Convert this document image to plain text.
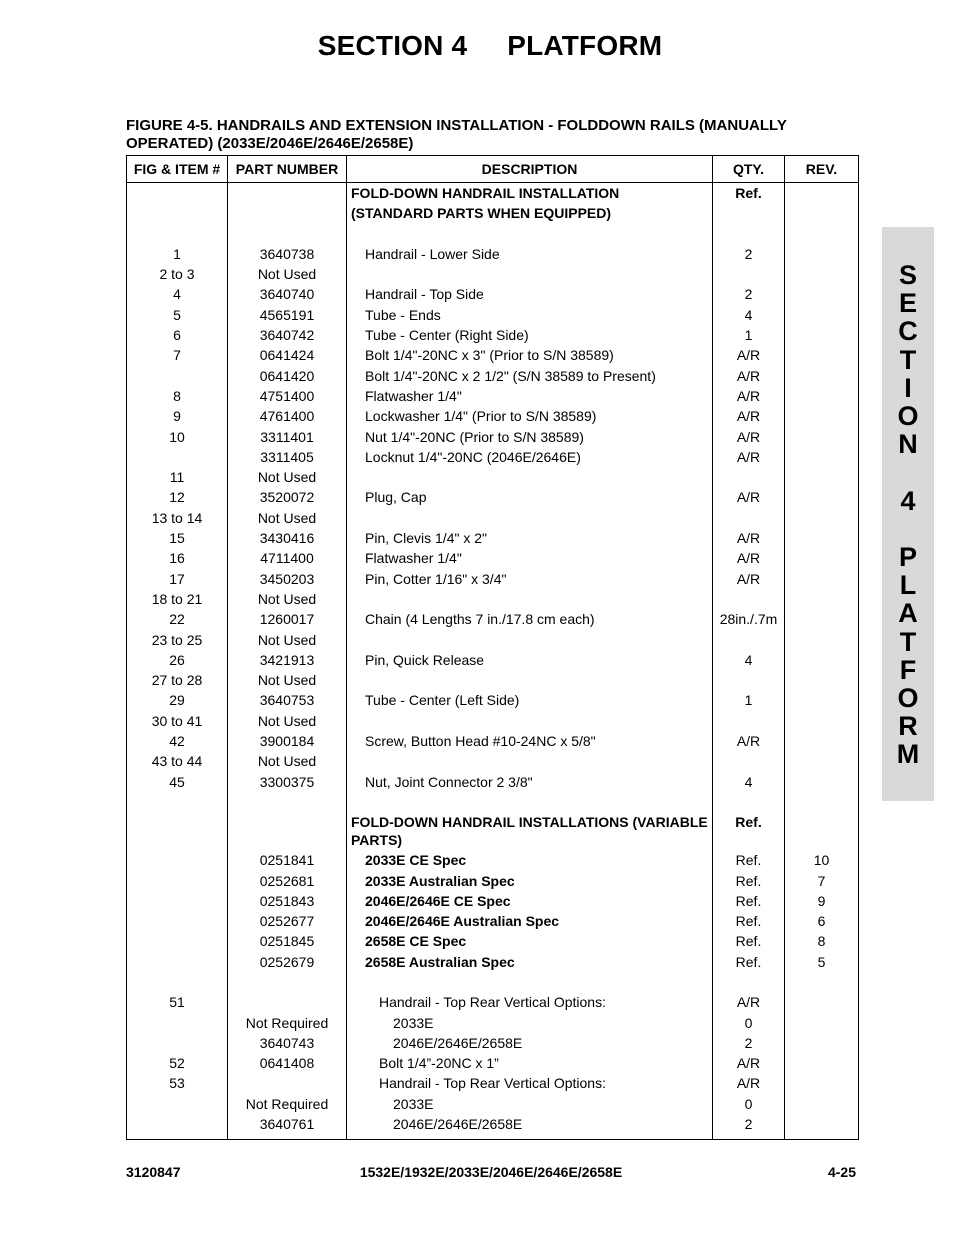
SECTION 4     PLATFORM
FIGURE 4-5. HANDRAILS AND EXTENSION INSTALLATION - FOLDDOWN RAILS (MANUALLY
OPERATED) (2033E/2046E/2646E/2658E)
FIG & ITEM #	PART NUMBER	DESCRIPTION	QTY.	REV.

		FOLD-DOWN HANDRAIL INSTALLATION	Ref.	

		(STANDARD PARTS WHEN EQUIPPED)		

1	3640738	Handrail - Lower Side	2	
2 to 3	Not Used	

4	3640740	Handrail - Top Side	2	
5	4565191	Tube - Ends	4	
6	3640742	Tube - Center (Right Side)	1	
7	0641424	Bolt 1/4"-20NC x 3" (Prior to S/N 38589)	A/R	
	0641420	Bolt 1/4"-20NC x 2 1/2" (S/N 38589 to Present)	A/R	
8	4751400	Flatwasher 1/4"	A/R	
9	4761400	Lockwasher 1/4" (Prior to S/N 38589)	A/R	
10	3311401	Nut 1/4"-20NC (Prior to S/N 38589)	A/R	
	3311405	Locknut 1/4"-20NC (2046E/2646E)	A/R	
11	Not Used	

12	3520072	Plug, Cap	A/R	
13 to 14	Not Used	

15	3430416	Pin, Clevis 1/4" x 2"	A/R	
16	4711400	Flatwasher 1/4"	A/R	
17	3450203	Pin, Cotter 1/16" x 3/4"	A/R	
18 to 21	Not Used	

22	1260017	Chain (4 Lengths 7 in./17.8 cm each)	28in./.7m	
23 to 25	Not Used	

26	3421913	Pin, Quick Release	4	
27 to 28	Not Used	

29	3640753	Tube - Center (Left Side)	1	
30 to 41	Not Used	

42	3900184	Screw, Button Head #10-24NC x 5/8"	A/R	
43 to 44	Not Used	

45	3300375	Nut, Joint Connector 2 3/8"	4	

		FOLD-DOWN HANDRAIL INSTALLATIONS (VARIABLE PARTS)	Ref.	
	0251841	2033E CE Spec	Ref.	10
	0252681	2033E Australian Spec	Ref.	7
	0251843	2046E/2646E CE Spec	Ref.	9
	0252677	2046E/2646E Australian Spec	Ref.	6
	0251845	2658E CE Spec	Ref.	8
	0252679	2658E Australian Spec	Ref.	5

51		Handrail - Top Rear Vertical Options:	A/R	
	Not Required	2033E	0	
	3640743	2046E/2646E/2658E	2	
52	0641408	Bolt 1/4”-20NC x 1”	A/R	
53		Handrail - Top Rear Vertical Options:	A/R	
	Not Required	2033E	0	
	3640761	2046E/2646E/2658E	2	
S
E
C
T
I
O
N

4

P
L
A
T
F
O
R
M
3120847	1532E/1932E/2033E/2046E/2646E/2658E	4-25
